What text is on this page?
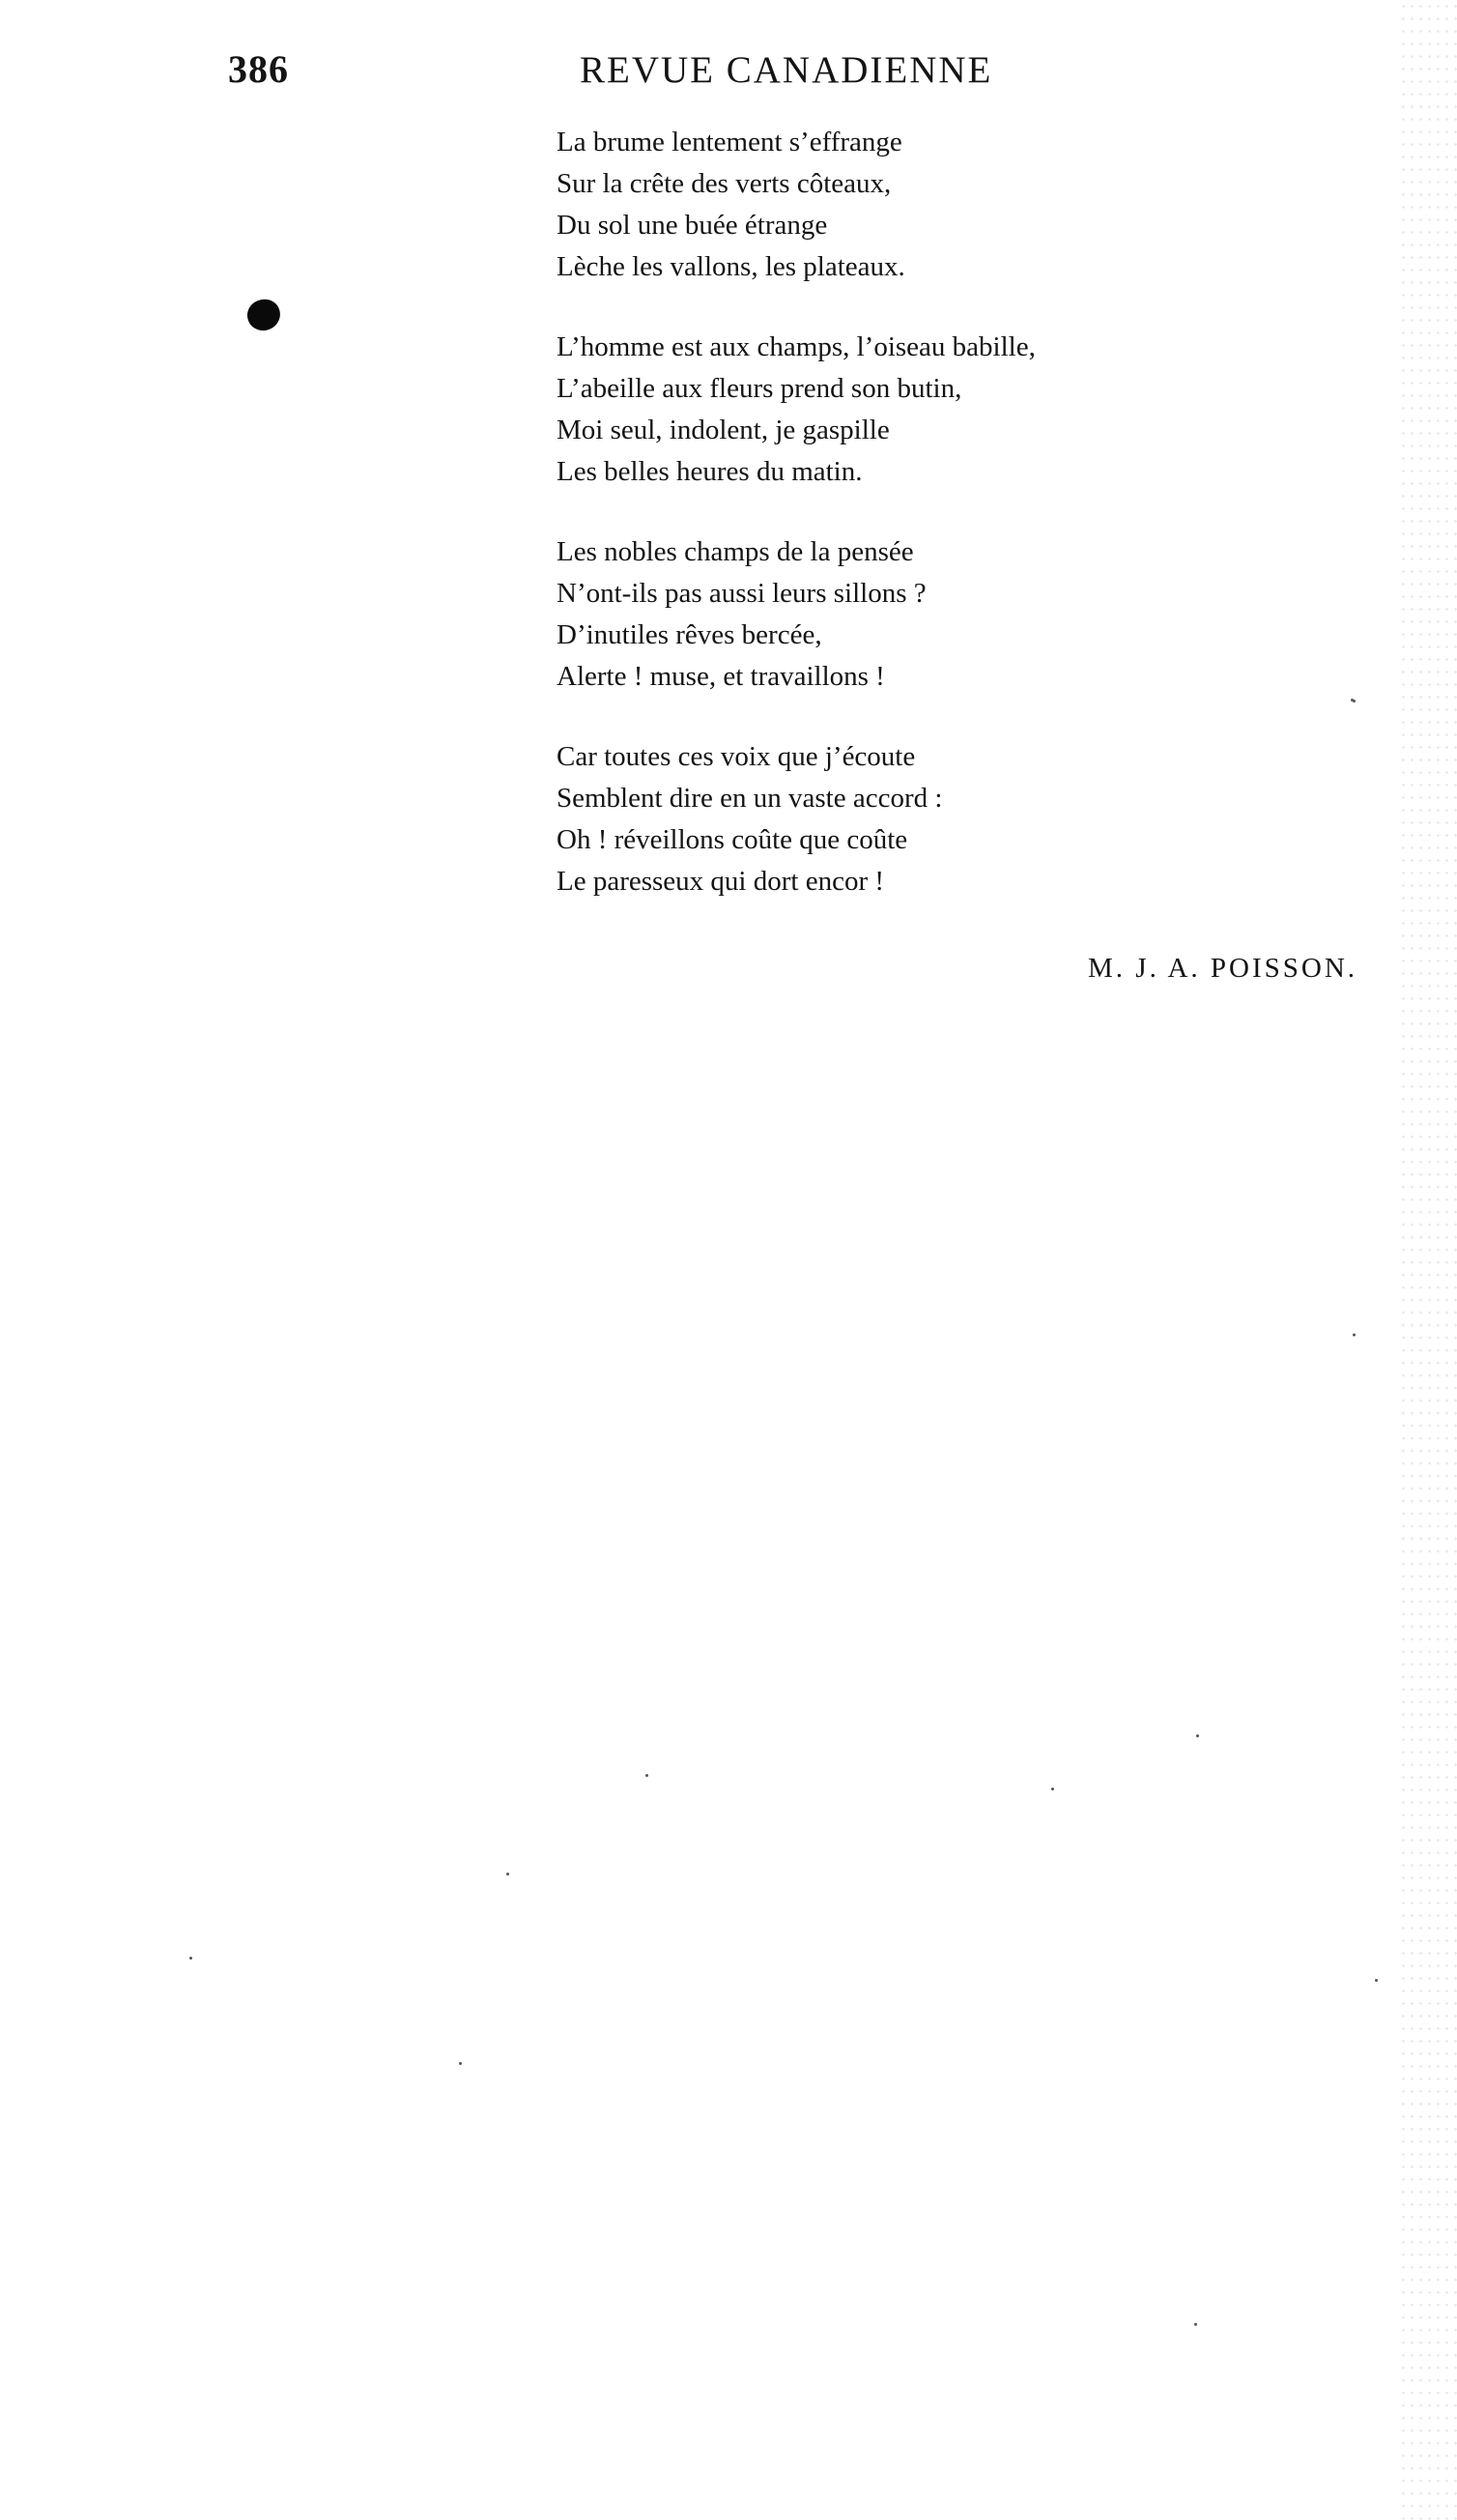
386	REVUE CANADIENNE
La brume lentement s’effrange
Sur la crête des verts côteaux,
Du sol une buée étrange
Lèche les vallons, les plateaux.
L’homme est aux champs, l’oiseau babille,
L’abeille aux fleurs prend son butin,
Moi seul, indolent, je gaspille
Les belles heures du matin.
Les nobles champs de la pensée
N’ont-ils pas aussi leurs sillons ?
D’inutiles rêves bercée,
Alerte ! muse, et travaillons !
Car toutes ces voix que j’écoute
Semblent dire en un vaste accord :
Oh ! réveillons coûte que coûte
Le paresseux qui dort encor !
M. J. A. POISSON.
